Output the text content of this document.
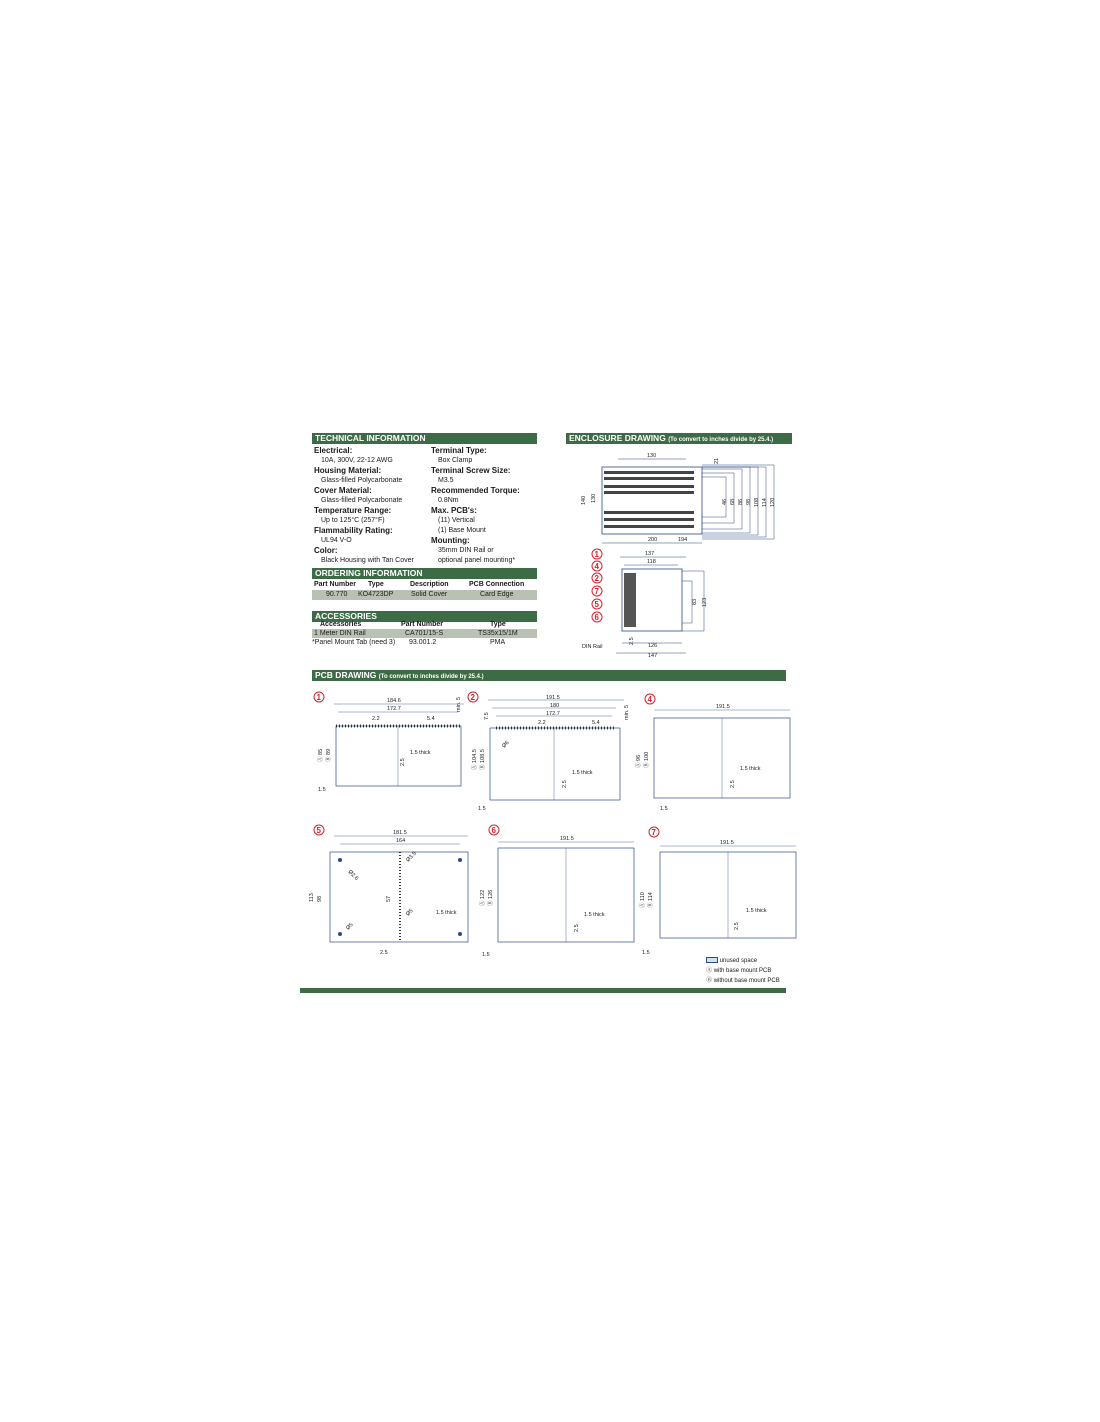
TECHNICAL INFORMATION
Electrical:
10A, 300V, 22-12 AWG
Housing Material:
Glass-filled Polycarbonate
Cover Material:
Glass-filled Polycarbonate
Temperature Range:
Up to 125°C (257°F)
Flammability Rating:
UL94 V-O
Color:
Black Housing with Tan Cover
Terminal Type:
Box Clamp
Terminal Screw Size:
M3.5
Recommended Torque:
0.8Nm
Max. PCB's:
(11) Vertical
(1) Base Mount
Mounting:
35mm DIN Rail or
optional panel mounting*
ORDERING INFORMATION
Part Number Type	Description	PCB Connection
90.770 KO4723DP	Solid Cover	Card Edge
ACCESSORIES
Accessories	Part Number	Type
1 Meter DIN Rail	CA701/15-S	TS35x15/1M
*Panel Mount Tab (need 3) 93.001.2	PMA
ENCLOSURE DRAWING (To convert to inches divide by 25.4.)
130
21
140 130	46 68 86 98 108 114 120
200	194
137
118
83 123
2.5
126
147
DIN Rail
1
4
2
7
5
6
PCB DRAWING (To convert to inches divide by 25.4.)
1	184.6
172.7
2.2	5.4
min. 5
Ⓐ 85 Ⓑ 89	1.5 thick
2.5
1.5
2	191.5
180
172.7
2.2	5.4
min. 5
7.5
Ø6
Ⓐ 104.5 Ⓑ 108.5
1.5 thick
2.5
1.5
4
191.5
Ⓐ 96 Ⓑ 100
1.5 thick
2.5
1.5
5	181.5
164
Ø2.6
Ø3.5
113 98	57
Ø5
Ø5	1.5 thick
2.5
6
191.5
Ⓐ 122 Ⓑ 126
1.5 thick
2.5
1.5
7
191.5
Ⓐ 110 Ⓑ 114
1.5 thick
2.5
1.5
unused space
Ⓐ with base mount PCB
Ⓑ without base mount PCB
